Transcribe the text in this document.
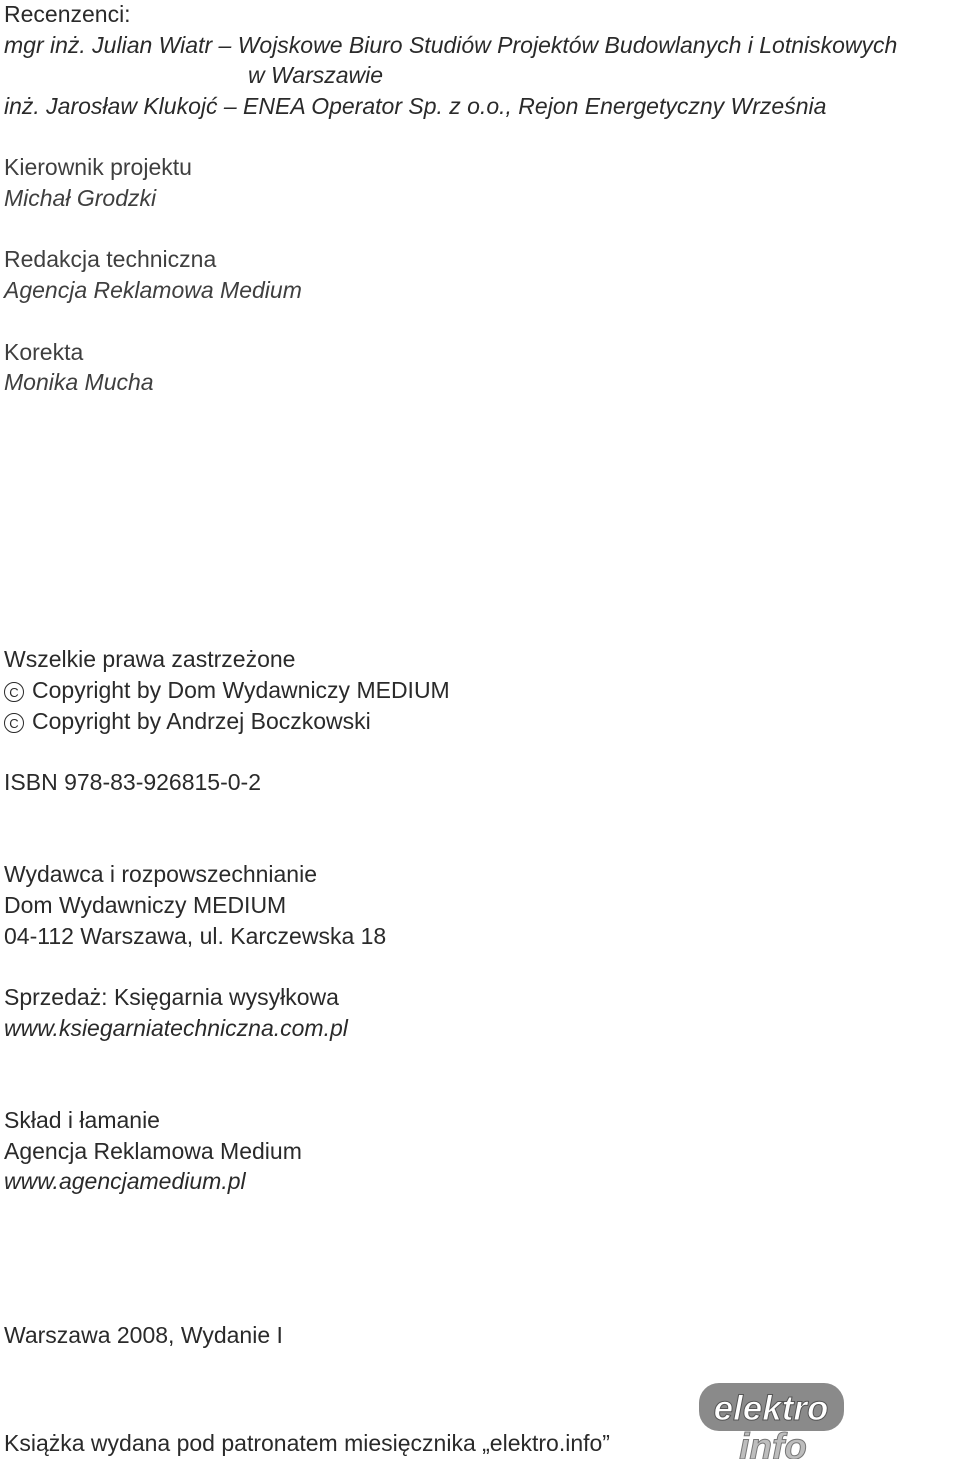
Recenzenci:

mgr inż. Julian Wiatr – Wojskowe Biuro Studiów Projektów Budowlanych i Lotniskowych

w Warszawie

inż. Jarosław Klukojć – ENEA Operator Sp. z o.o., Rejon Energetyczny Września

Kierownik projektu

Michał Grodzki

Redakcja techniczna

Agencja Reklamowa Medium

Korekta

Monika Mucha

Wszelkie prawa zastrzeżone

C Copyright by Dom Wydawniczy MEDIUM

C Copyright by Andrzej Boczkowski

ISBN 978-83-926815-0-2

Wydawca i rozpowszechnianie

Dom Wydawniczy MEDIUM

04-112 Warszawa, ul. Karczewska 18

Sprzedaż: Księgarnia wysyłkowa

www.ksiegarniatechniczna.com.pl

Skład i łamanie

Agencja Reklamowa Medium

www.agencjamedium.pl

Warszawa 2008, Wydanie I

Książka wydana pod patronatem miesięcznika „elektro.info”

elektro
info
